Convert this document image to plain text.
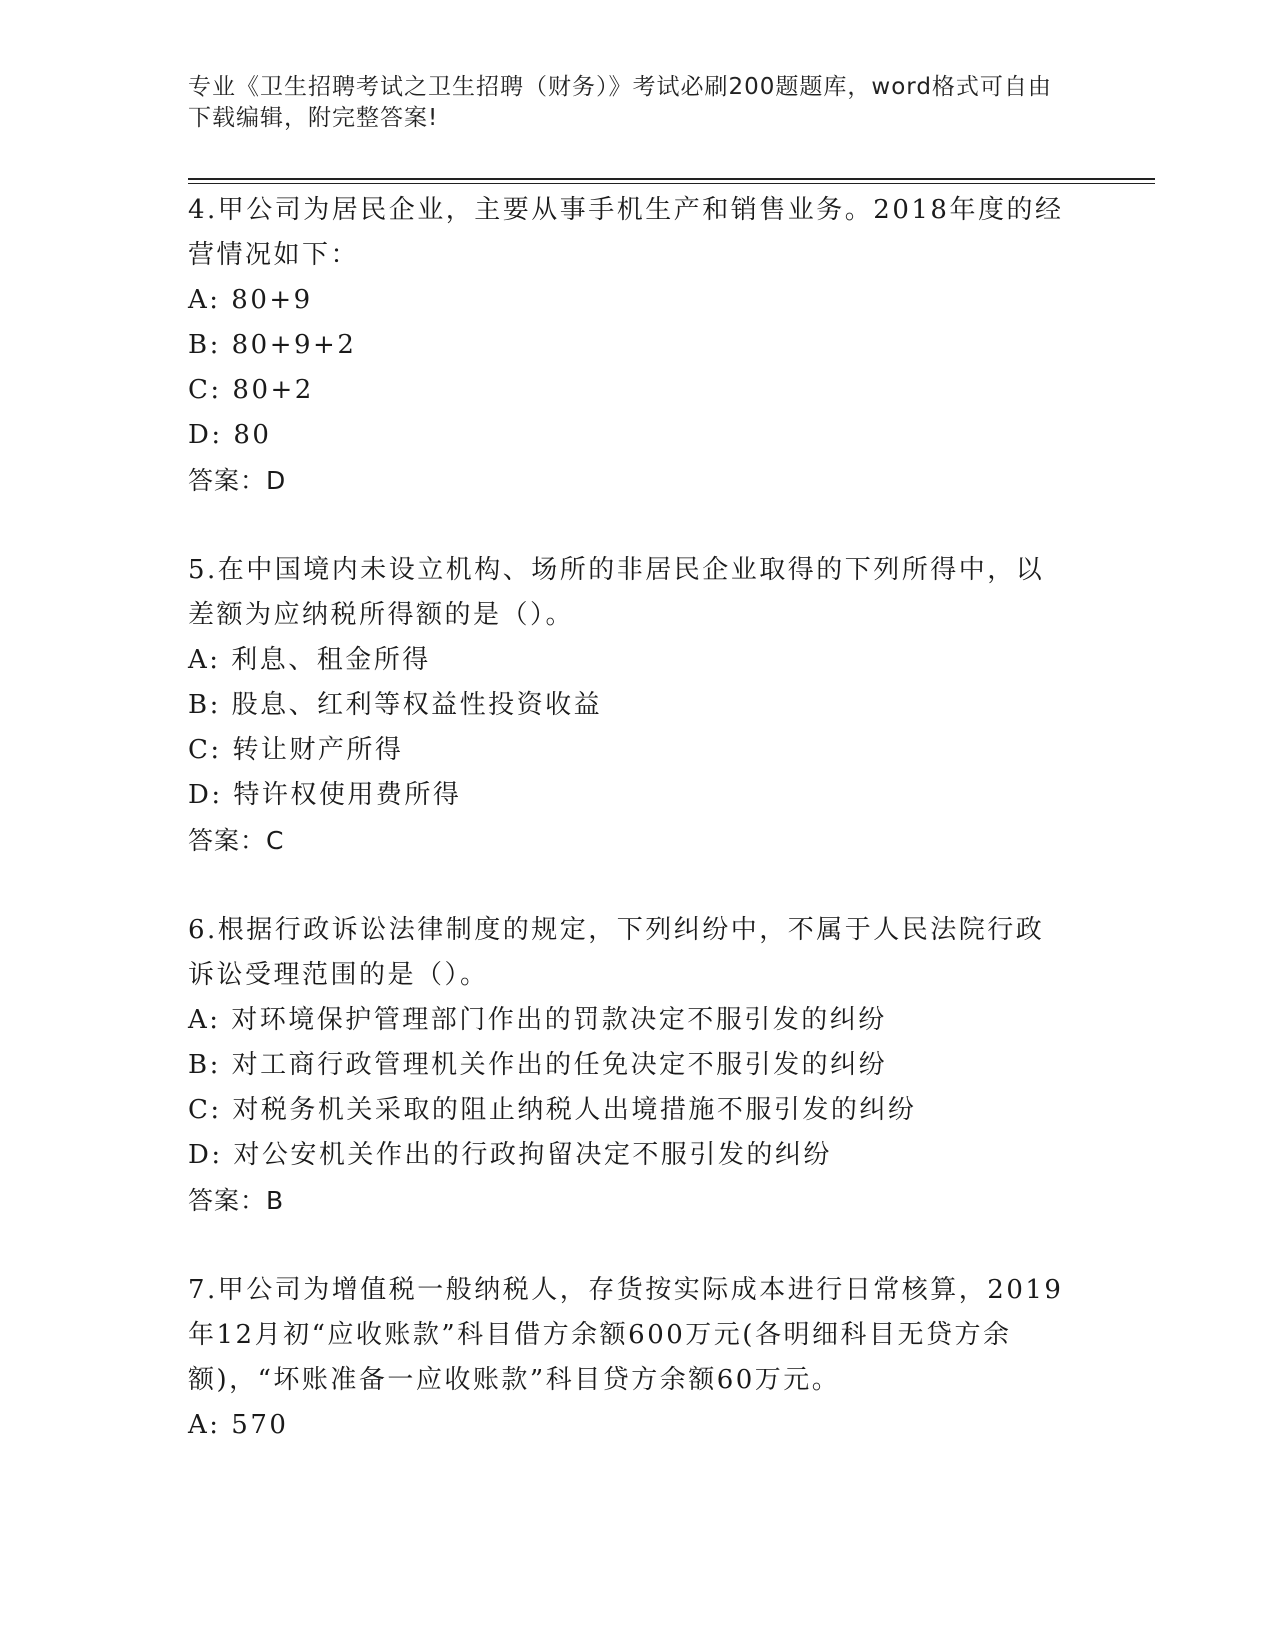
专业《卫生招聘考试之卫生招聘（财务）》考试必刷200题题库，word格式可自由下载编辑，附完整答案!

4.甲公司为居民企业，主要从事手机生产和销售业务。2018年度的经营情况如下：

A: 80+9

B: 80+9+2

C: 80+2

D: 80

答案：D

5.在中国境内未设立机构、场所的非居民企业取得的下列所得中，以差额为应纳税所得额的是（）。

A: 利息、租金所得

B: 股息、红利等权益性投资收益

C: 转让财产所得

D: 特许权使用费所得

答案：C

6.根据行政诉讼法律制度的规定，下列纠纷中，不属于人民法院行政诉讼受理范围的是（）。

A: 对环境保护管理部门作出的罚款决定不服引发的纠纷

B: 对工商行政管理机关作出的任免决定不服引发的纠纷

C: 对税务机关采取的阻止纳税人出境措施不服引发的纠纷

D: 对公安机关作出的行政拘留决定不服引发的纠纷

答案：B

7.甲公司为增值税一般纳税人，存货按实际成本进行日常核算，2019年12月初“应收账款”科目借方余额600万元(各明细科目无贷方余额)，“坏账准备一应收账款”科目贷方余额60万元。

A: 570
